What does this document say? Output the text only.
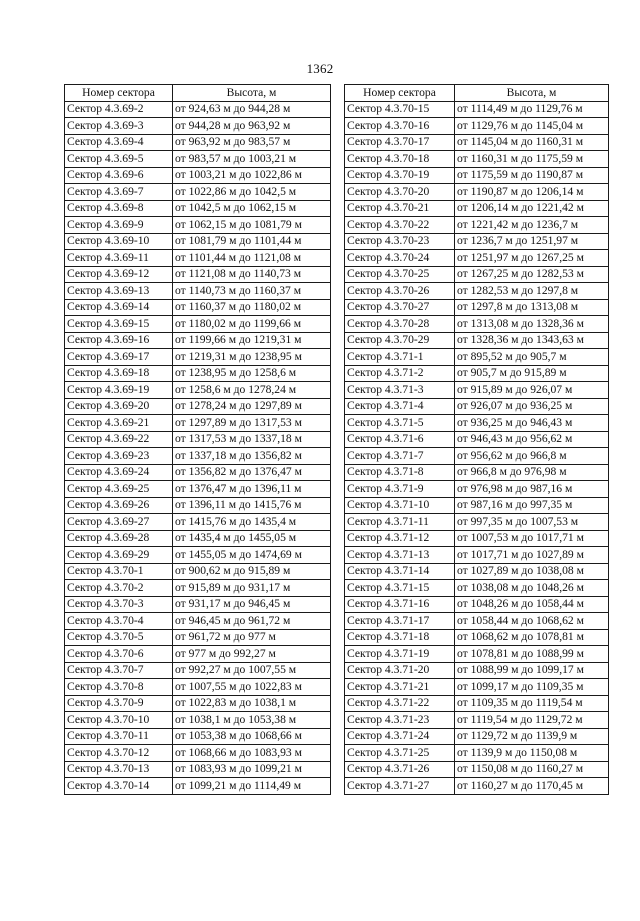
1362
Номер сектора	Высота, м
Сектор 4.3.69-2	от 924,63 м до 944,28 м
Сектор 4.3.69-3	от 944,28 м до 963,92 м
Сектор 4.3.69-4	от 963,92 м до 983,57 м
Сектор 4.3.69-5	от 983,57 м до 1003,21 м
Сектор 4.3.69-6	от 1003,21 м до 1022,86 м
Сектор 4.3.69-7	от 1022,86 м до 1042,5 м
Сектор 4.3.69-8	от 1042,5 м до 1062,15 м
Сектор 4.3.69-9	от 1062,15 м до 1081,79 м
Сектор 4.3.69-10	от 1081,79 м до 1101,44 м
Сектор 4.3.69-11	от 1101,44 м до 1121,08 м
Сектор 4.3.69-12	от 1121,08 м до 1140,73 м
Сектор 4.3.69-13	от 1140,73 м до 1160,37 м
Сектор 4.3.69-14	от 1160,37 м до 1180,02 м
Сектор 4.3.69-15	от 1180,02 м до 1199,66 м
Сектор 4.3.69-16	от 1199,66 м до 1219,31 м
Сектор 4.3.69-17	от 1219,31 м до 1238,95 м
Сектор 4.3.69-18	от 1238,95 м до 1258,6 м
Сектор 4.3.69-19	от 1258,6 м до 1278,24 м
Сектор 4.3.69-20	от 1278,24 м до 1297,89 м
Сектор 4.3.69-21	от 1297,89 м до 1317,53 м
Сектор 4.3.69-22	от 1317,53 м до 1337,18 м
Сектор 4.3.69-23	от 1337,18 м до 1356,82 м
Сектор 4.3.69-24	от 1356,82 м до 1376,47 м
Сектор 4.3.69-25	от 1376,47 м до 1396,11 м
Сектор 4.3.69-26	от 1396,11 м до 1415,76 м
Сектор 4.3.69-27	от 1415,76 м до 1435,4 м
Сектор 4.3.69-28	от 1435,4 м до 1455,05 м
Сектор 4.3.69-29	от 1455,05 м до 1474,69 м
Сектор 4.3.70-1	от 900,62 м до 915,89 м
Сектор 4.3.70-2	от 915,89 м до 931,17 м
Сектор 4.3.70-3	от 931,17 м до 946,45 м
Сектор 4.3.70-4	от 946,45 м до 961,72 м
Сектор 4.3.70-5	от 961,72 м до 977 м
Сектор 4.3.70-6	от 977 м до 992,27 м
Сектор 4.3.70-7	от 992,27 м до 1007,55 м
Сектор 4.3.70-8	от 1007,55 м до 1022,83 м
Сектор 4.3.70-9	от 1022,83 м до 1038,1 м
Сектор 4.3.70-10	от 1038,1 м до 1053,38 м
Сектор 4.3.70-11	от 1053,38 м до 1068,66 м
Сектор 4.3.70-12	от 1068,66 м до 1083,93 м
Сектор 4.3.70-13	от 1083,93 м до 1099,21 м
Сектор 4.3.70-14	от 1099,21 м до 1114,49 м
Номер сектора	Высота, м
Сектор 4.3.70-15	от 1114,49 м до 1129,76 м
Сектор 4.3.70-16	от 1129,76 м до 1145,04 м
Сектор 4.3.70-17	от 1145,04 м до 1160,31 м
Сектор 4.3.70-18	от 1160,31 м до 1175,59 м
Сектор 4.3.70-19	от 1175,59 м до 1190,87 м
Сектор 4.3.70-20	от 1190,87 м до 1206,14 м
Сектор 4.3.70-21	от 1206,14 м до 1221,42 м
Сектор 4.3.70-22	от 1221,42 м до 1236,7 м
Сектор 4.3.70-23	от 1236,7 м до 1251,97 м
Сектор 4.3.70-24	от 1251,97 м до 1267,25 м
Сектор 4.3.70-25	от 1267,25 м до 1282,53 м
Сектор 4.3.70-26	от 1282,53 м до 1297,8 м
Сектор 4.3.70-27	от 1297,8 м до 1313,08 м
Сектор 4.3.70-28	от 1313,08 м до 1328,36 м
Сектор 4.3.70-29	от 1328,36 м до 1343,63 м
Сектор 4.3.71-1	от 895,52 м до 905,7 м
Сектор 4.3.71-2	от 905,7 м до 915,89 м
Сектор 4.3.71-3	от 915,89 м до 926,07 м
Сектор 4.3.71-4	от 926,07 м до 936,25 м
Сектор 4.3.71-5	от 936,25 м до 946,43 м
Сектор 4.3.71-6	от 946,43 м до 956,62 м
Сектор 4.3.71-7	от 956,62 м до 966,8 м
Сектор 4.3.71-8	от 966,8 м до 976,98 м
Сектор 4.3.71-9	от 976,98 м до 987,16 м
Сектор 4.3.71-10	от 987,16 м до 997,35 м
Сектор 4.3.71-11	от 997,35 м до 1007,53 м
Сектор 4.3.71-12	от 1007,53 м до 1017,71 м
Сектор 4.3.71-13	от 1017,71 м до 1027,89 м
Сектор 4.3.71-14	от 1027,89 м до 1038,08 м
Сектор 4.3.71-15	от 1038,08 м до 1048,26 м
Сектор 4.3.71-16	от 1048,26 м до 1058,44 м
Сектор 4.3.71-17	от 1058,44 м до 1068,62 м
Сектор 4.3.71-18	от 1068,62 м до 1078,81 м
Сектор 4.3.71-19	от 1078,81 м до 1088,99 м
Сектор 4.3.71-20	от 1088,99 м до 1099,17 м
Сектор 4.3.71-21	от 1099,17 м до 1109,35 м
Сектор 4.3.71-22	от 1109,35 м до 1119,54 м
Сектор 4.3.71-23	от 1119,54 м до 1129,72 м
Сектор 4.3.71-24	от 1129,72 м до 1139,9 м
Сектор 4.3.71-25	от 1139,9 м до 1150,08 м
Сектор 4.3.71-26	от 1150,08 м до 1160,27 м
Сектор 4.3.71-27	от 1160,27 м до 1170,45 м
